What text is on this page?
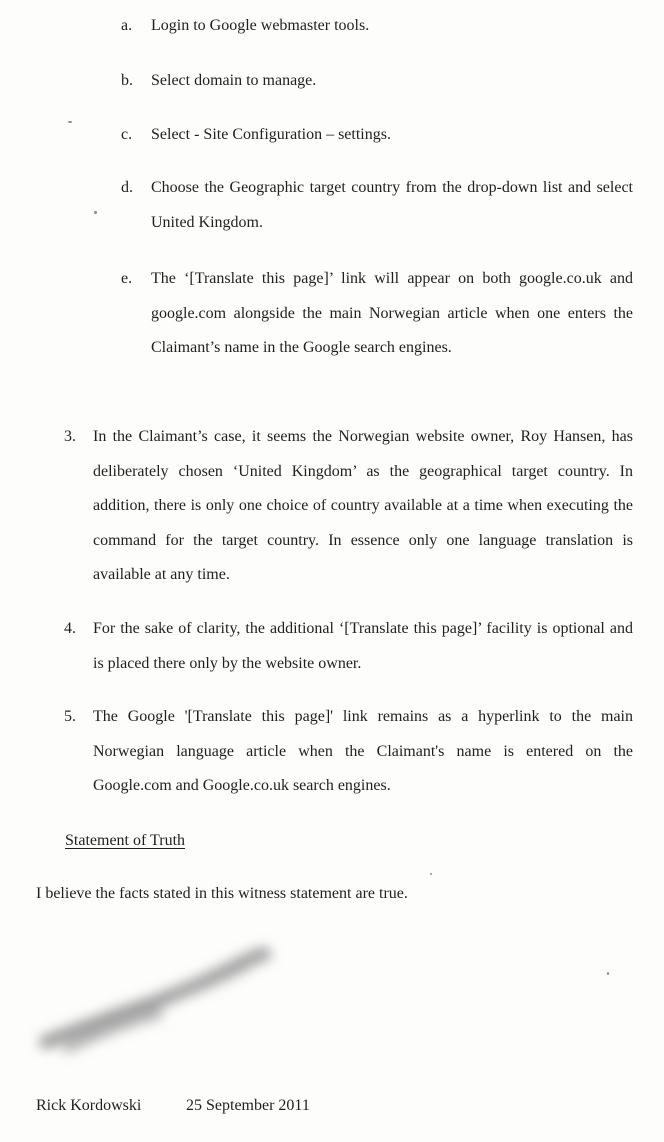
a. Login to Google webmaster tools.
b. Select domain to manage.
c. Select - Site Configuration – settings.
d. Choose the Geographic target country from the drop-down list and select United Kingdom.
e. The ‘[Translate this page]’ link will appear on both google.co.uk and google.com alongside the main Norwegian article when one enters the Claimant’s name in the Google search engines.
3. In the Claimant’s case, it seems the Norwegian website owner, Roy Hansen, has deliberately chosen ‘United Kingdom’ as the geographical target country. In addition, there is only one choice of country available at a time when executing the command for the target country. In essence only one language translation is available at any time.
4. For the sake of clarity, the additional ‘[Translate this page]’ facility is optional and is placed there only by the website owner.
5. The Google '[Translate this page]' link remains as a hyperlink to the main Norwegian language article when the Claimant's name is entered on the Google.com and Google.co.uk search engines.
Statement of Truth
I believe the facts stated in this witness statement are true.
Rick Kordowski	25 September 2011
